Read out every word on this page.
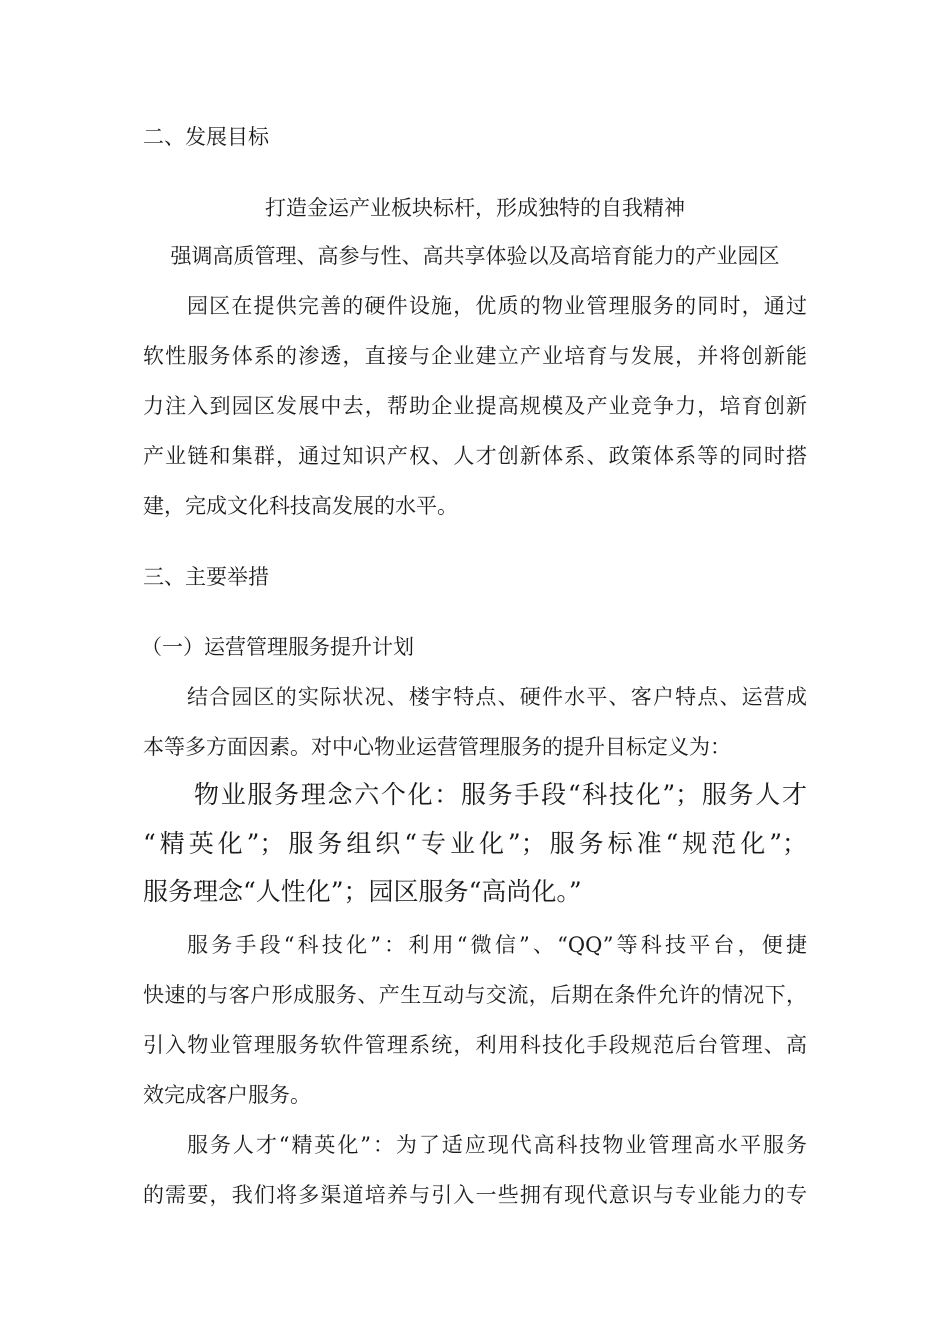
二、发展目标

打造金运产业板块标杆，形成独特的自我精神

强调高质管理、高参与性、高共享体验以及高培育能力的产业园区

园区在提供完善的硬件设施，优质的物业管理服务的同时，通过

软性服务体系的渗透，直接与企业建立产业培育与发展，并将创新能

力注入到园区发展中去，帮助企业提高规模及产业竞争力，培育创新

产业链和集群，通过知识产权、人才创新体系、政策体系等的同时搭

建，完成文化科技高发展的水平。

三、主要举措

（一）运营管理服务提升计划

结合园区的实际状况、楼宇特点、硬件水平、客户特点、运营成

本等多方面因素。对中心物业运营管理服务的提升目标定义为：

物业服务理念六个化：服务手段“科技化”；服务人才

“精英化”；服务组织“专业化”；服务标准“规范化”；

服务理念“人性化”；园区服务“高尚化。”

服务手段“科技化”：利用“微信”、“QQ”等科技平台，便捷

快速的与客户形成服务、产生互动与交流，后期在条件允许的情况下，

引入物业管理服务软件管理系统，利用科技化手段规范后台管理、高

效完成客户服务。

服务人才“精英化”：为了适应现代高科技物业管理高水平服务

的需要，我们将多渠道培养与引入一些拥有现代意识与专业能力的专
